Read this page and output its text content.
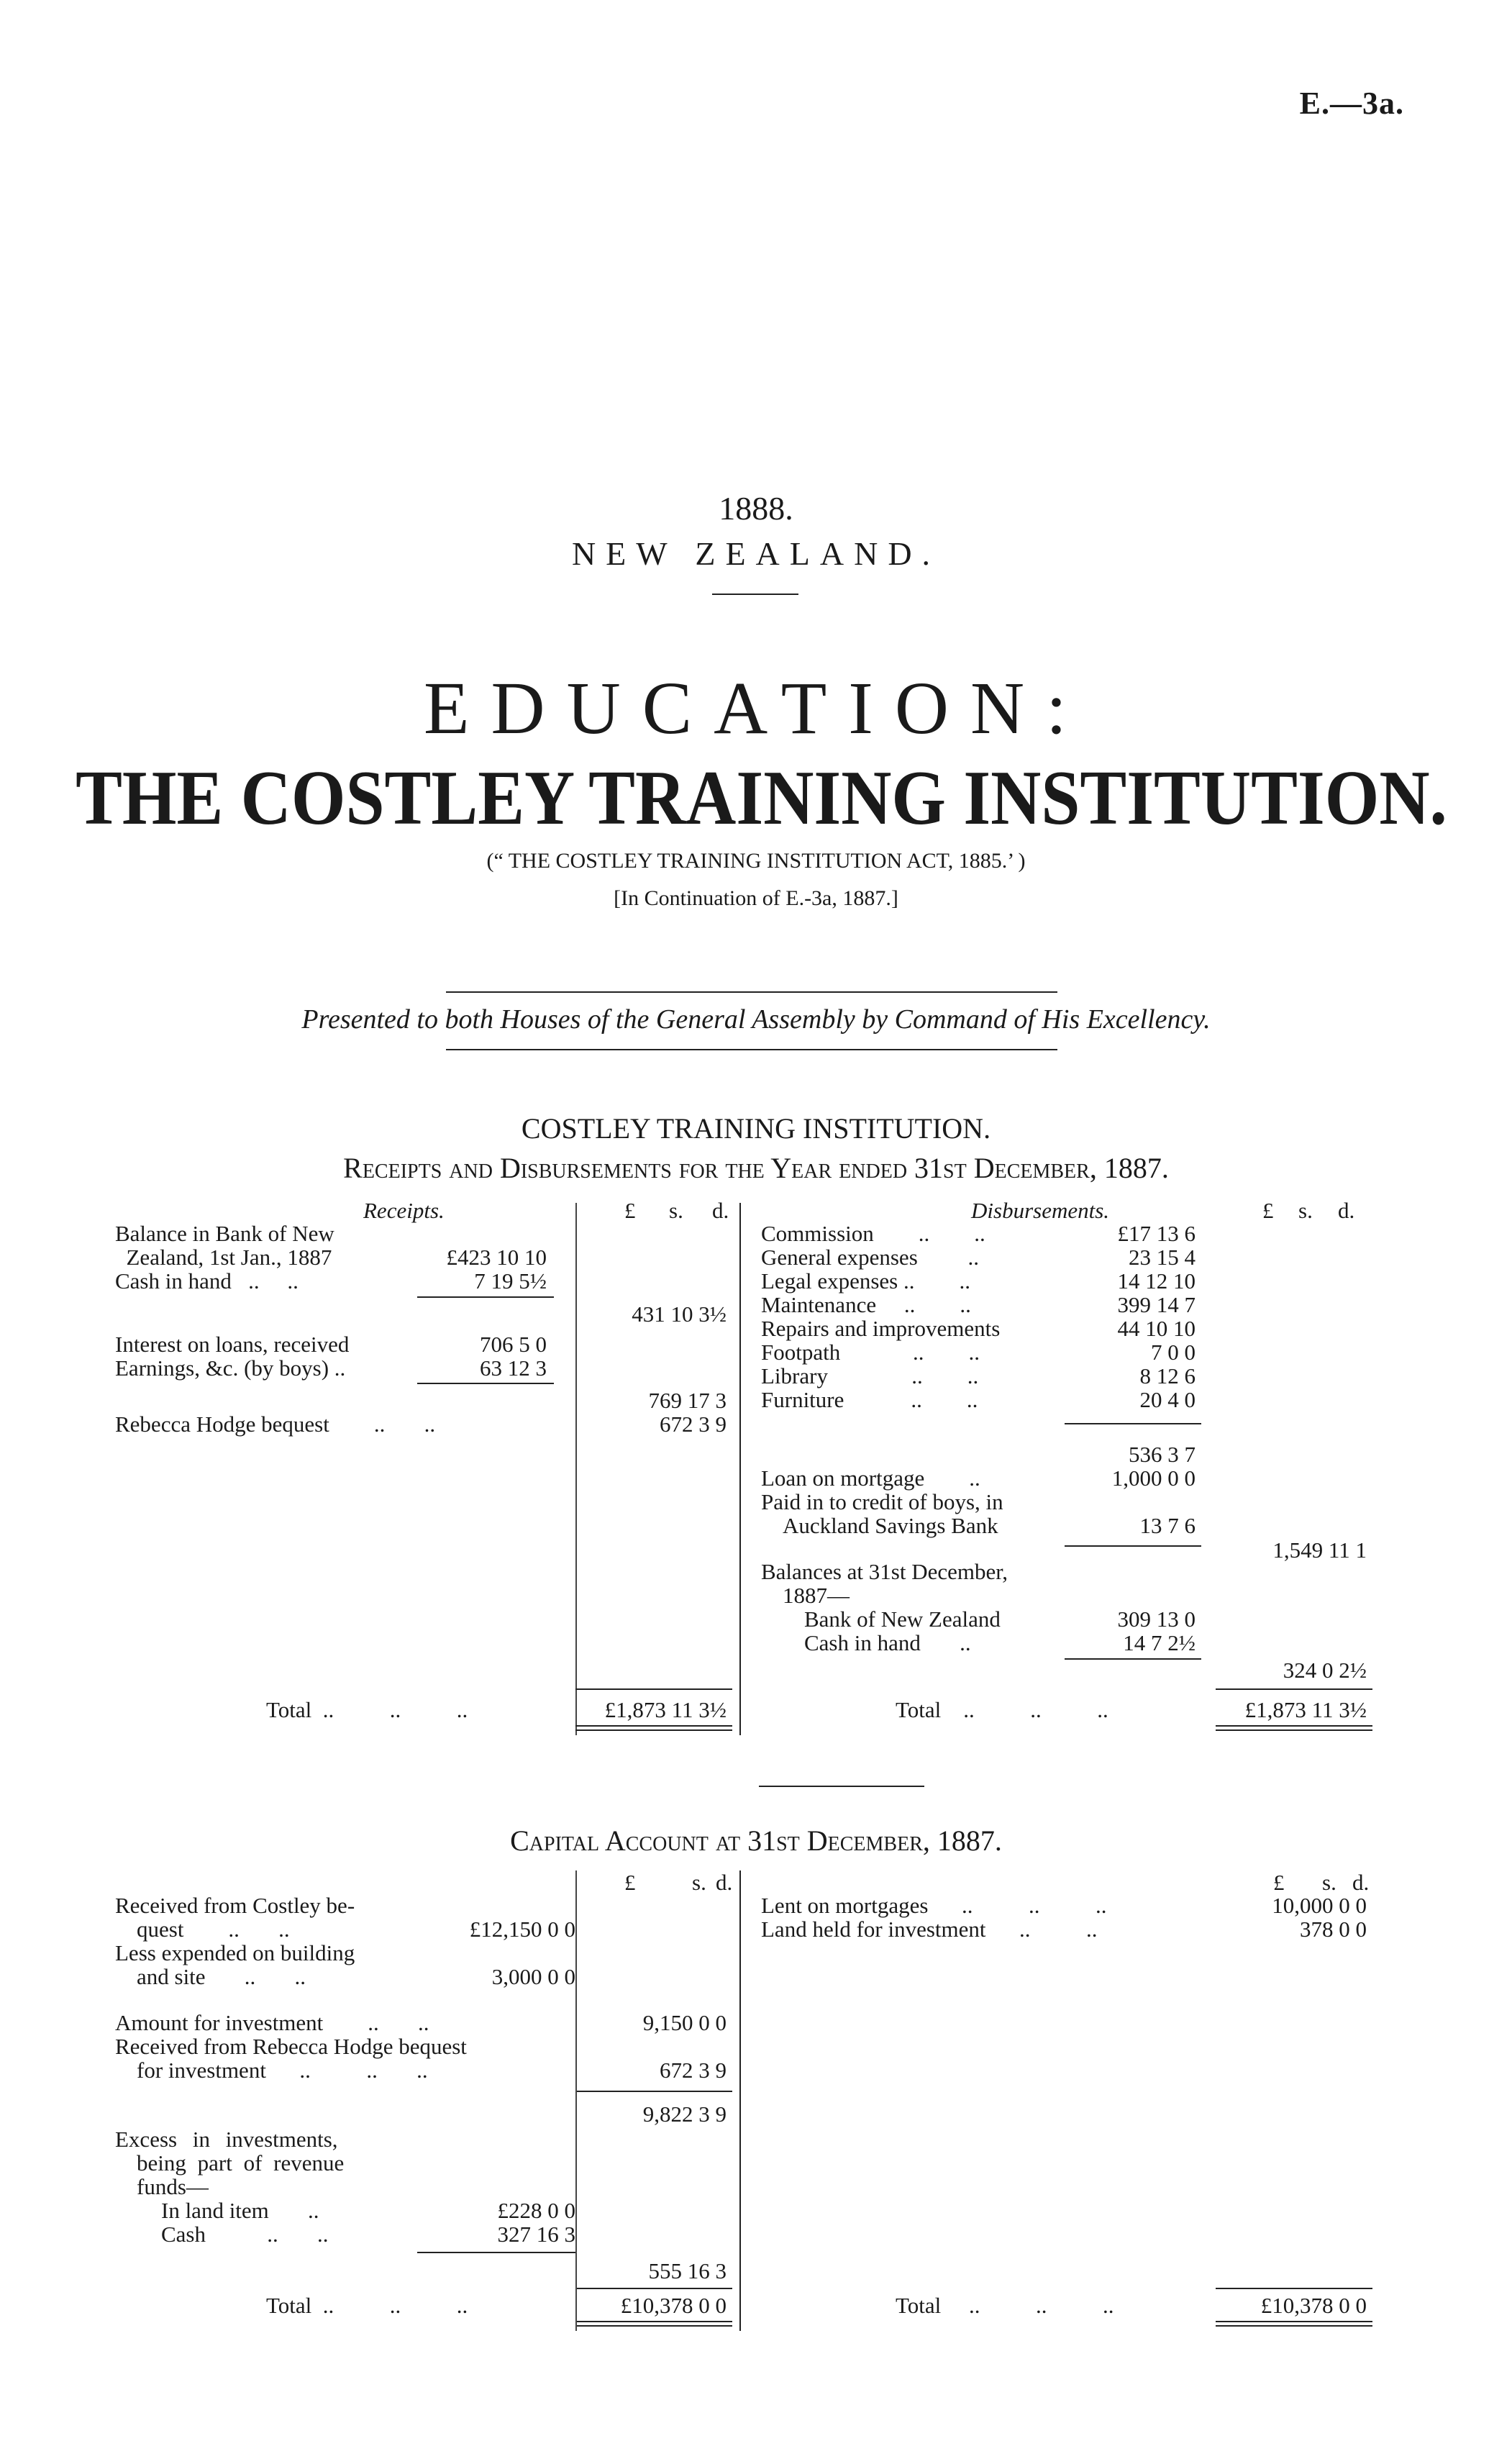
E.—3a.
1888.
NEW ZEALAND.
EDUCATION:
THE COSTLEY TRAINING INSTITUTION.
(“ THE COSTLEY TRAINING INSTITUTION ACT, 1885.’ )
[In Continuation of E.-3a, 1887.]
Presented to both Houses of the General Assembly by Command of His Excellency.
COSTLEY TRAINING INSTITUTION.
Receipts and Disbursements for the Year ended 31st December, 1887.
Receipts.	£ s. d.
Balance in Bank of New
Zealand, 1st Jan., 1887	£423 10 10
Cash in hand   ..     ..	7 19 5½
431 10 3½
Interest on loans, received	706 5 0
Earnings, &c. (by boys) ..	63 12 3
769 17 3
Rebecca Hodge bequest        ..       ..	672 3 9
Disbursements.	£ s. d.
Commission        ..        ..	£17 13 6
General expenses         ..	23 15 4
Legal expenses ..        ..	14 12 10
Maintenance     ..        ..	399 14 7
Repairs and improvements	44 10 10
Footpath             ..        ..	7 0 0
Library               ..        ..	8 12 6
Furniture            ..        ..	20 4 0
536 3 7
Loan on mortgage        ..	1,000 0 0
Paid in to credit of boys, in
Auckland Savings Bank	13 7 6
1,549 11 1
Balances at 31st December,
1887—
Bank of New Zealand	309 13 0
Cash in hand       ..	14 7 2½
324 0 2½
Total  ..          ..          ..	£1,873 11 3½	Total    ..          ..          ..	£1,873 11 3½
Capital Account at 31st December, 1887.
£	s. d.	£ s. d.
Received from Costley be-
quest        ..       ..	£12,150 0 0
Less expended on building
and site       ..       ..	3,000 0 0
Amount for investment        ..       ..	9,150 0 0
Received from Rebecca Hodge bequest
for investment      ..          ..       ..	672 3 9
9,822 3 9
Excess in investments,
being part of revenue
funds—
In land item       ..	£228 0 0
Cash           ..       ..	327 16 3
555 16 3
Total  ..          ..          ..	£10,378 0 0
Lent on mortgages      ..          ..          ..	10,000 0 0
Land held for investment      ..          ..	378 0 0
Total     ..          ..          ..	£10,378 0 0
